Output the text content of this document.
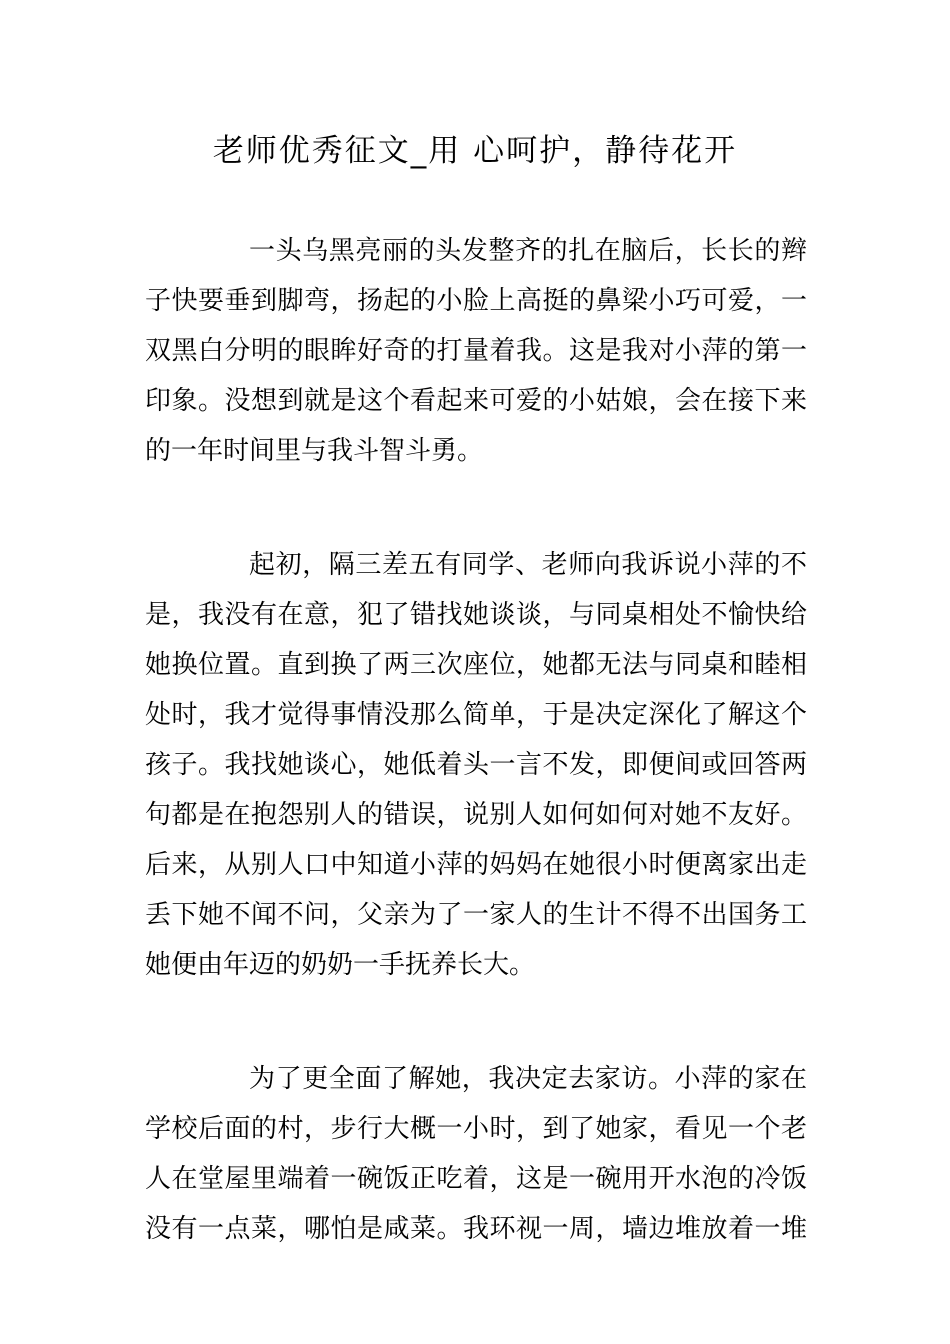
老师优秀征文_用 心呵护，静待花开
一头乌黑亮丽的头发整齐的扎在脑后，长长的辫
子快要垂到脚弯，扬起的小脸上高挺的鼻梁小巧可爱，一
双黑白分明的眼眸好奇的打量着我。这是我对小萍的第一
印象。没想到就是这个看起来可爱的小姑娘，会在接下来
的一年时间里与我斗智斗勇。
起初，隔三差五有同学、老师向我诉说小萍的不
是，我没有在意，犯了错找她谈谈，与同桌相处不愉快给
她换位置。直到换了两三次座位，她都无法与同桌和睦相
处时，我才觉得事情没那么简单，于是决定深化了解这个
孩子。我找她谈心，她低着头一言不发，即便间或回答两
句都是在抱怨别人的错误，说别人如何如何对她不友好。
后来，从别人口中知道小萍的妈妈在她很小时便离家出走
丢下她不闻不问，父亲为了一家人的生计不得不出国务工
她便由年迈的奶奶一手抚养长大。
为了更全面了解她，我决定去家访。小萍的家在
学校后面的村，步行大概一小时，到了她家，看见一个老
人在堂屋里端着一碗饭正吃着，这是一碗用开水泡的冷饭
没有一点菜，哪怕是咸菜。我环视一周，墙边堆放着一堆
